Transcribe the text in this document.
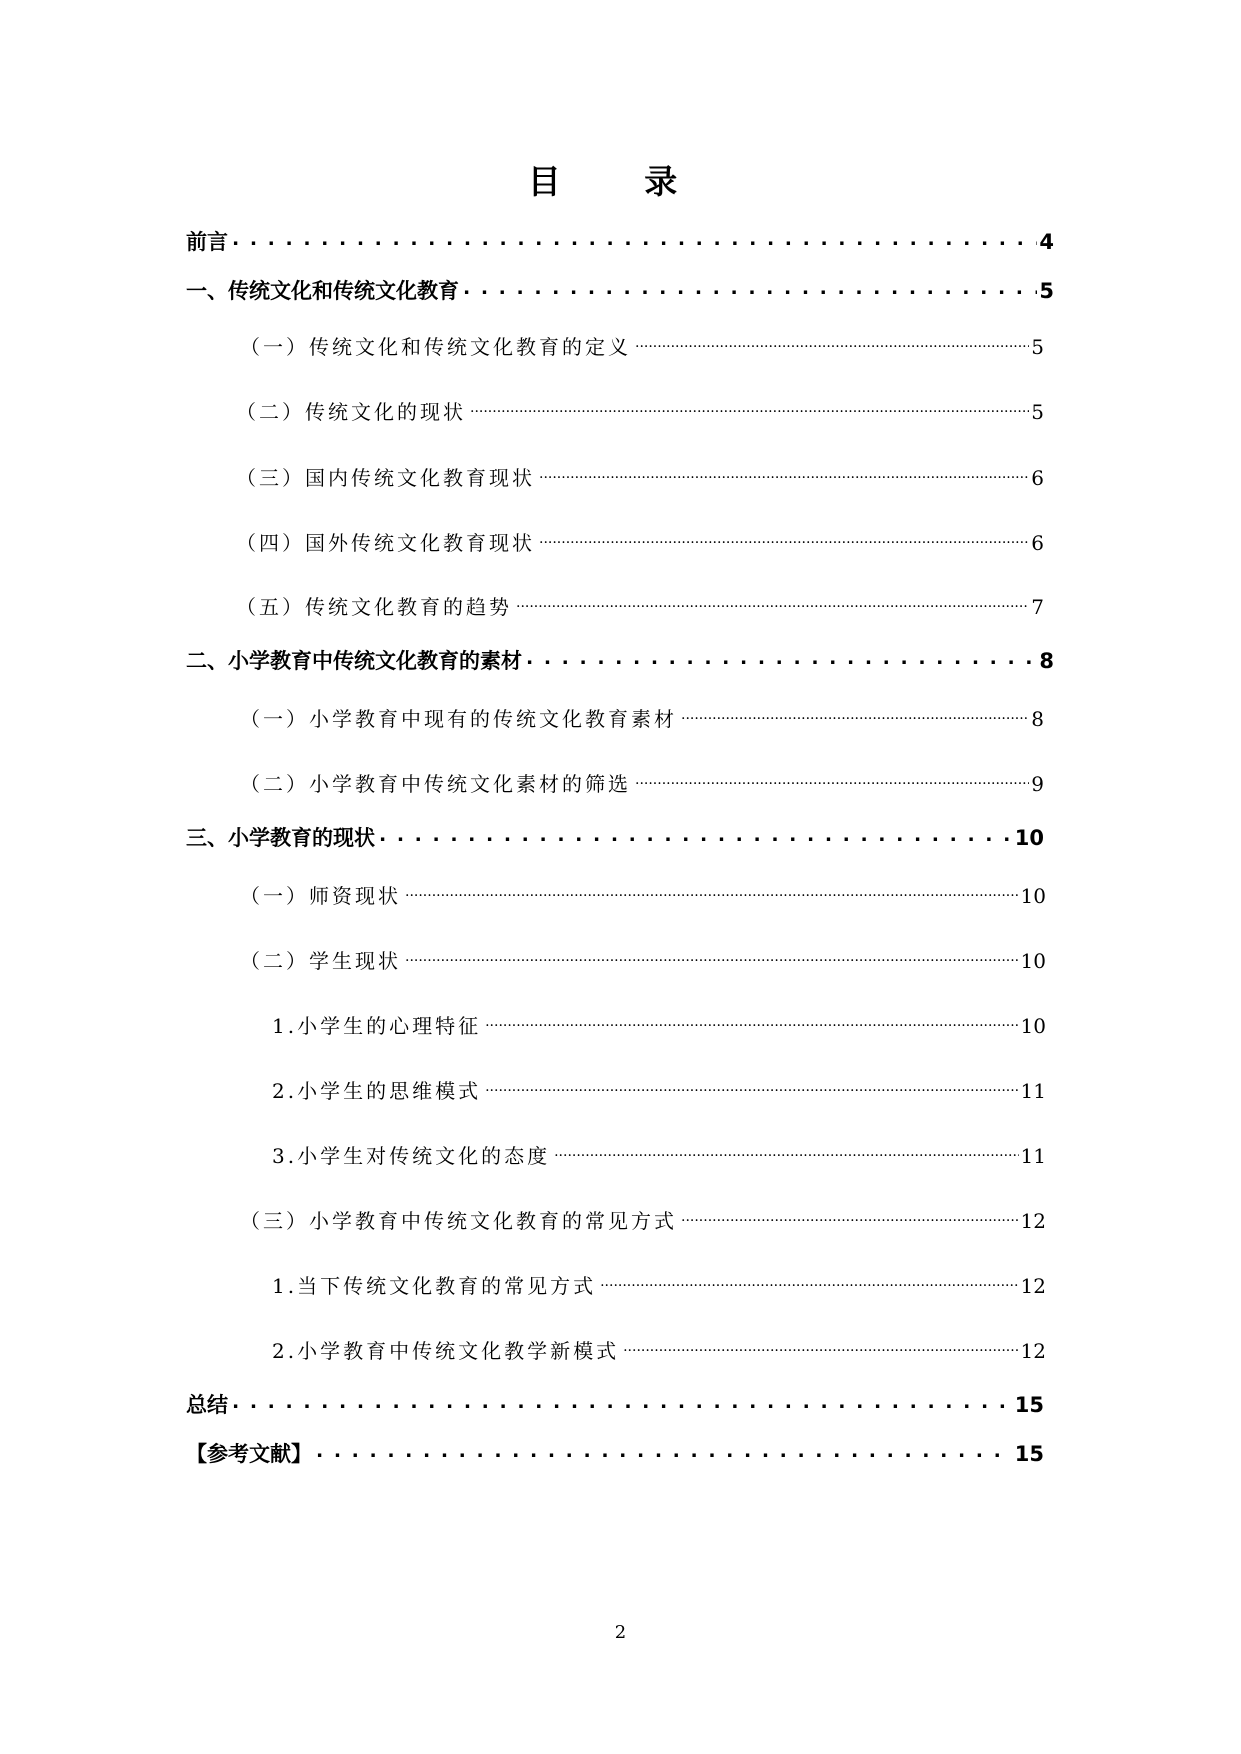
目 录
前言 . . .	4
一、传统文化和传统文化教育 . . .	5
（一）传统文化和传统文化教育的定义 .....	5
（二）传统文化的现状 .....	5
（三）国内传统文化教育现状 .....	6
（四）国外传统文化教育现状 .....	6
（五）传统文化教育的趋势 .....	7
二、小学教育中传统文化教育的素材 . . .	8
（一）小学教育中现有的传统文化教育素材 .....	8
（二）小学教育中传统文化素材的筛选 .....	9
三、小学教育的现状 . . .	10
（一）师资现状 .....	10
（二）学生现状 .....	10
1.小学生的心理特征 .....	10
2.小学生的思维模式 .....	11
3.小学生对传统文化的态度 .....	11
（三）小学教育中传统文化教育的常见方式 .....	12
1.当下传统文化教育的常见方式 .....	12
2.小学教育中传统文化教学新模式 .....	12
总结 . . .	15
【参考文献】 . . .	15
2
